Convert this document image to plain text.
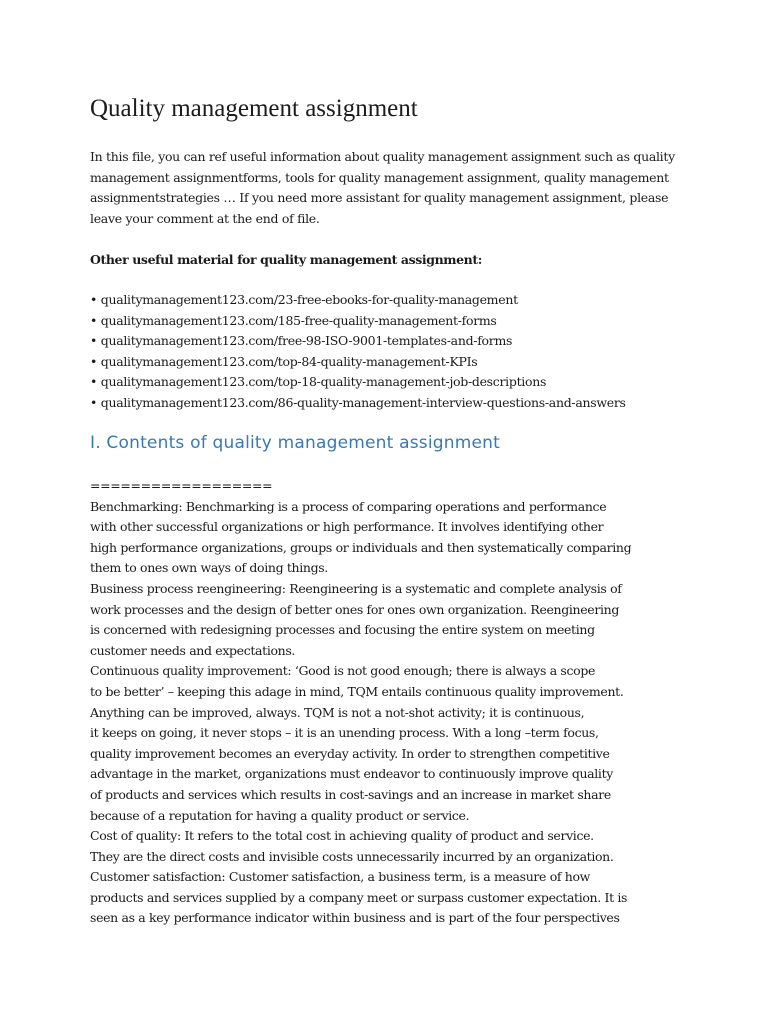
Quality management assignment

In this file, you can ref useful information about quality management assignment such as quality
management assignmentforms, tools for quality management assignment, quality management
assignmentstrategies … If you need more assistant for quality management assignment, please
leave your comment at the end of file.

Other useful material for quality management assignment:

• qualitymanagement123.com/23-free-ebooks-for-quality-management
• qualitymanagement123.com/185-free-quality-management-forms
• qualitymanagement123.com/free-98-ISO-9001-templates-and-forms
• qualitymanagement123.com/top-84-quality-management-KPIs
• qualitymanagement123.com/top-18-quality-management-job-descriptions
• qualitymanagement123.com/86-quality-management-interview-questions-and-answers
I. Contents of quality management assignment
==================
Benchmarking: Benchmarking is a process of comparing operations and performance
with other successful organizations or high performance. It involves identifying other
high performance organizations, groups or individuals and then systematically comparing
them to ones own ways of doing things.
Business process reengineering: Reengineering is a systematic and complete analysis of
work processes and the design of better ones for ones own organization. Reengineering
is concerned with redesigning processes and focusing the entire system on meeting
customer needs and expectations.
Continuous quality improvement: ‘Good is not good enough; there is always a scope
to be better’ – keeping this adage in mind, TQM entails continuous quality improvement.
Anything can be improved, always. TQM is not a not-shot activity; it is continuous,
it keeps on going, it never stops – it is an unending process. With a long –term focus,
quality improvement becomes an everyday activity. In order to strengthen competitive
advantage in the market, organizations must endeavor to continuously improve quality
of products and services which results in cost-savings and an increase in market share
because of a reputation for having a quality product or service.
Cost of quality: It refers to the total cost in achieving quality of product and service.
They are the direct costs and invisible costs unnecessarily incurred by an organization.
Customer satisfaction: Customer satisfaction, a business term, is a measure of how
products and services supplied by a company meet or surpass customer expectation. It is
seen as a key performance indicator within business and is part of the four perspectives
